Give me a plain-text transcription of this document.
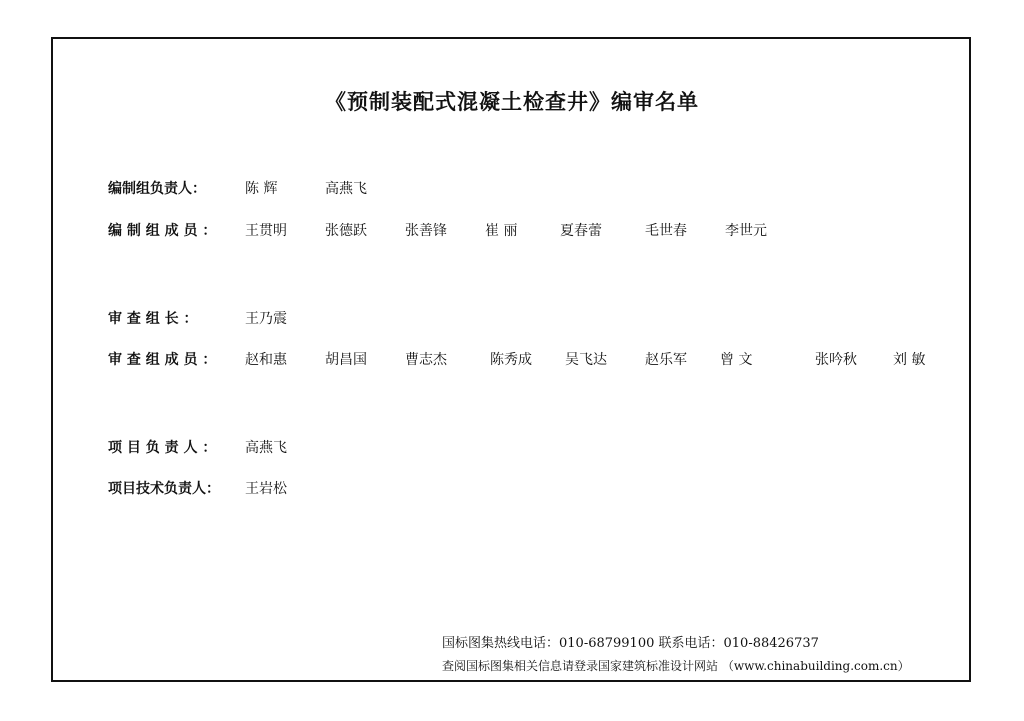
《预制装配式混凝土检查井》编审名单
编制组负责人：	陈 辉	高燕飞
编 制 组 成 员 ： 王贯明	张德跃	张善锋	崔 丽	夏春蕾	毛世春	李世元
审 查 组 长 ：	王乃震
审 查 组 成 员 ： 赵和惠	胡昌国	曹志杰	陈秀成 吴飞达	赵乐军 曾 文	张吟秋	刘 敏
项 目 负 责 人 ： 高燕飞
项目技术负责人： 王岩松
国标图集热线电话：010-68799100 联系电话：010-88426737
查阅国标图集相关信息请登录国家建筑标准设计网站 （www.chinabuilding.com.cn）
